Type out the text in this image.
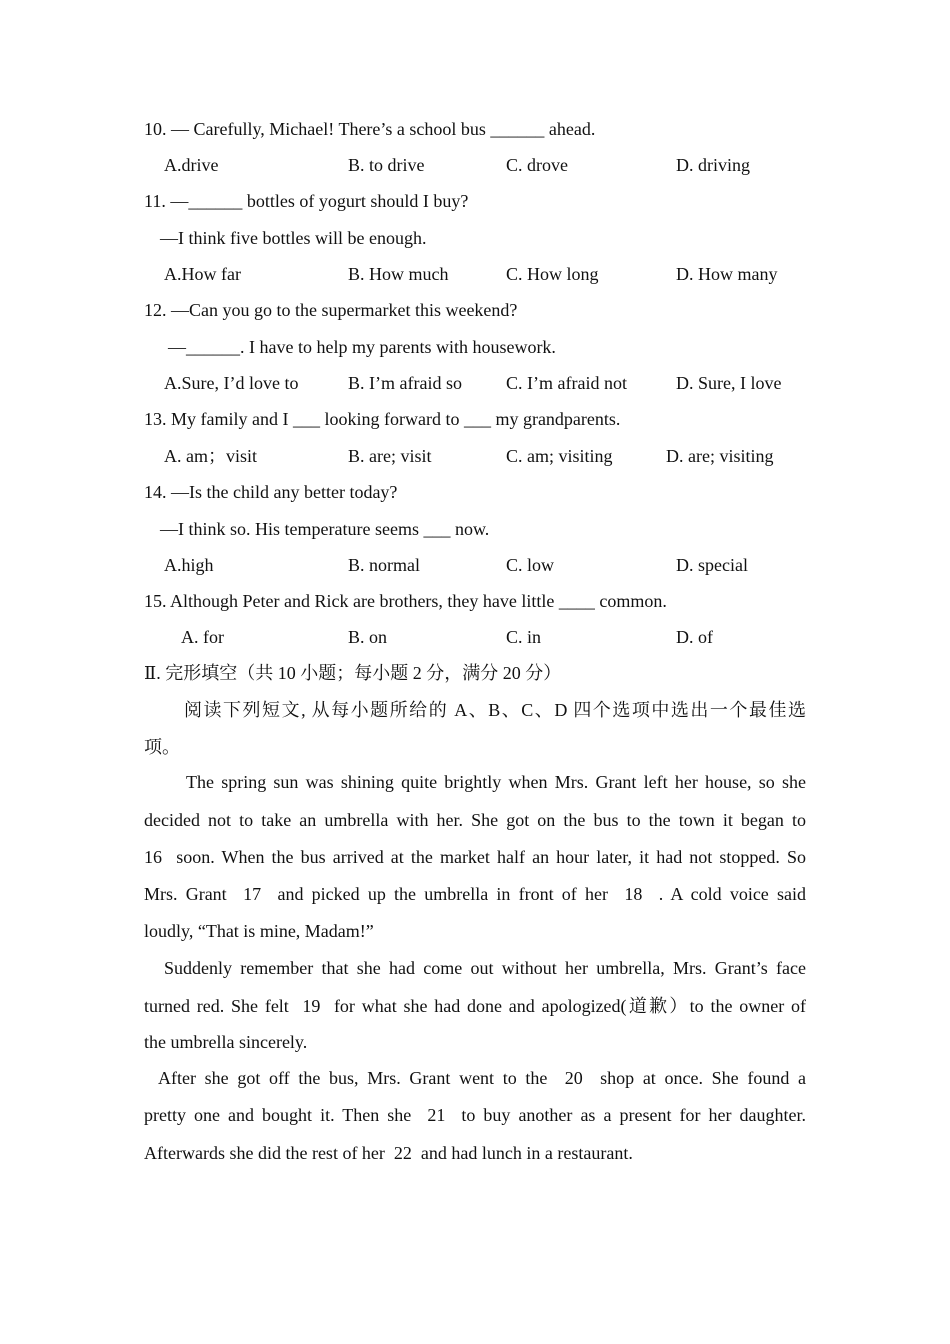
10. — Carefully, Michael! There’s a school bus ______ ahead.
A.drive	B. to drive	C. drove	D. driving
11. —______ bottles of yogurt should I buy?
—I think five bottles will be enough.
A.How far	B. How much	C. How long	D. How many
12. —Can you go to the supermarket this weekend?
—______. I have to help my parents with housework.
A.Sure, I’d love to	B. I’m afraid so C. I’m afraid not	D. Sure, I love
13. My family and I ___ looking forward to ___ my grandparents.
A. am；visit	B. are; visit	C. am; visiting	D. are; visiting
14. —Is the child any better today?
—I think so. His temperature seems ___ now.
A.high	B. normal	C. low	D. special
15. Although Peter and Rick are brothers, they have little ____ common.
A. for	B. on	C. in	D. of
Ⅱ. 完形填空（共 10 小题；每小题 2 分，满分 20 分）
阅读下列短文, 从每小题所给的 A、B、C、D 四个选项中选出一个最佳选
项。
The spring sun was shining quite brightly when Mrs. Grant left her house, so she
decided not to take an umbrella with her. She got on the bus to the town it began to
16  soon. When the bus arrived at the market half an hour later, it had not stopped. So
Mrs. Grant  17  and picked up the umbrella in front of her  18  . A cold voice said
loudly, “That is mine, Madam!”
Suddenly remember that she had come out without her umbrella, Mrs. Grant’s face
turned red. She felt  19  for what she had done and apologized(道歉）to the owner of
the umbrella sincerely.
After she got off the bus, Mrs. Grant went to the  20  shop at once. She found a
pretty one and bought it. Then she  21  to buy another as a present for her daughter.
Afterwards she did the rest of her  22  and had lunch in a restaurant.
